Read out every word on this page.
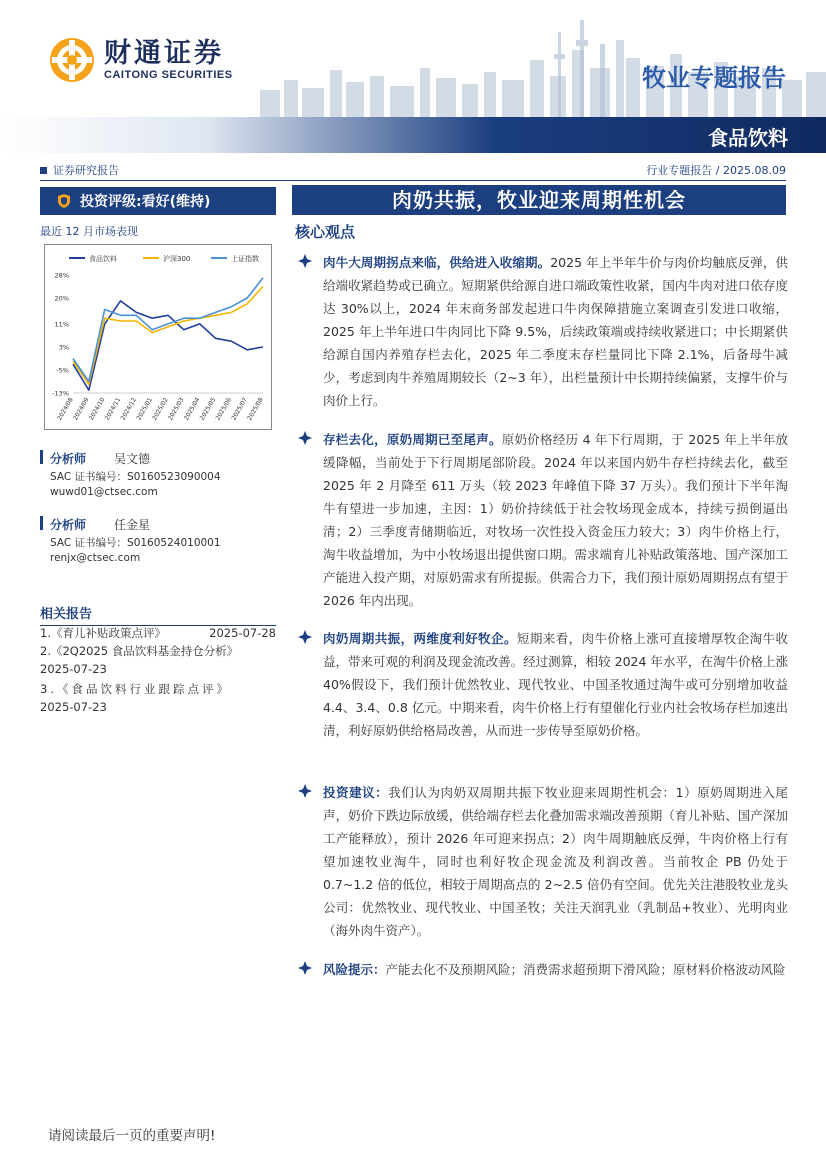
财通证券
CAITONG SECURITIES	牧业专题报告
食品饮料
证券研究报告	行业专题报告 / 2025.08.09
投资评级:看好(维持)
最近 12 月市场表现
食品饮料	沪深300	上证指数
28%
20%
11%
3%
-5%
-13%
2024/08
2024/09
2024/10
2024/11
2024/12
2025/01
2025/02
2025/03
2025/04
2025/05
2025/06
2025/07
2025/08
分析师 吴文德
SAC 证书编号：S0160523090004
wuwd01@ctsec.com
分析师 任金星
SAC 证书编号：S0160524010001
renjx@ctsec.com
相关报告
1.《育儿补贴政策点评》	2025-07-28
2.《2Q2025 食品饮料基金持仓分析》
2025-07-23
3.《食品饮料行业跟踪点评》
2025-07-23
肉奶共振，牧业迎来周期性机会
核心观点
肉牛大周期拐点来临，供给进入收缩期。2025 年上半年牛价与肉价均触底反弹，供给端收紧趋势或已确立。短期紧供给源自进口端政策性收紧，国内牛肉对进口依存度达 30%以上，2024 年末商务部发起进口牛肉保障措施立案调查引发进口收缩，2025 年上半年进口牛肉同比下降 9.5%，后续政策端或持续收紧进口；中长期紧供给源自国内养殖存栏去化，2025 年二季度末存栏量同比下降 2.1%，后备母牛减少，考虑到肉牛养殖周期较长（2~3 年），出栏量预计中长期持续偏紧，支撑牛价与肉价上行。
存栏去化，原奶周期已至尾声。原奶价格经历 4 年下行周期，于 2025 年上半年放缓降幅，当前处于下行周期尾部阶段。2024 年以来国内奶牛存栏持续去化，截至 2025 年 2 月降至 611 万头（较 2023 年峰值下降 37 万头）。我们预计下半年淘牛有望进一步加速，主因：1）奶价持续低于社会牧场现金成本，持续亏损倒逼出清；2）三季度青储期临近，对牧场一次性投入资金压力较大；3）肉牛价格上行，淘牛收益增加，为中小牧场退出提供窗口期。需求端育儿补贴政策落地、国产深加工产能进入投产期，对原奶需求有所提振。供需合力下，我们预计原奶周期拐点有望于 2026 年内出现。
肉奶周期共振，两维度利好牧企。短期来看，肉牛价格上涨可直接增厚牧企淘牛收益，带来可观的利润及现金流改善。经过测算，相较 2024 年水平，在淘牛价格上涨 40%假设下，我们预计优然牧业、现代牧业、中国圣牧通过淘牛或可分别增加收益 4.4、3.4、0.8 亿元。中期来看，肉牛价格上行有望催化行业内社会牧场存栏加速出清，利好原奶供给格局改善，从而进一步传导至原奶价格。
投资建议：我们认为肉奶双周期共振下牧业迎来周期性机会：1）原奶周期进入尾声，奶价下跌边际放缓，供给端存栏去化叠加需求端改善预期（育儿补贴、国产深加工产能释放），预计 2026 年可迎来拐点；2）肉牛周期触底反弹，牛肉价格上行有望加速牧业淘牛，同时也利好牧企现金流及利润改善。当前牧企 PB 仍处于 0.7~1.2 倍的低位，相较于周期高点的 2~2.5 倍仍有空间。优先关注港股牧业龙头公司：优然牧业、现代牧业、中国圣牧；关注天润乳业（乳制品+牧业）、光明肉业（海外肉牛资产）。
风险提示：产能去化不及预期风险；消费需求超预期下滑风险；原材料价格波动风险
请阅读最后一页的重要声明!
